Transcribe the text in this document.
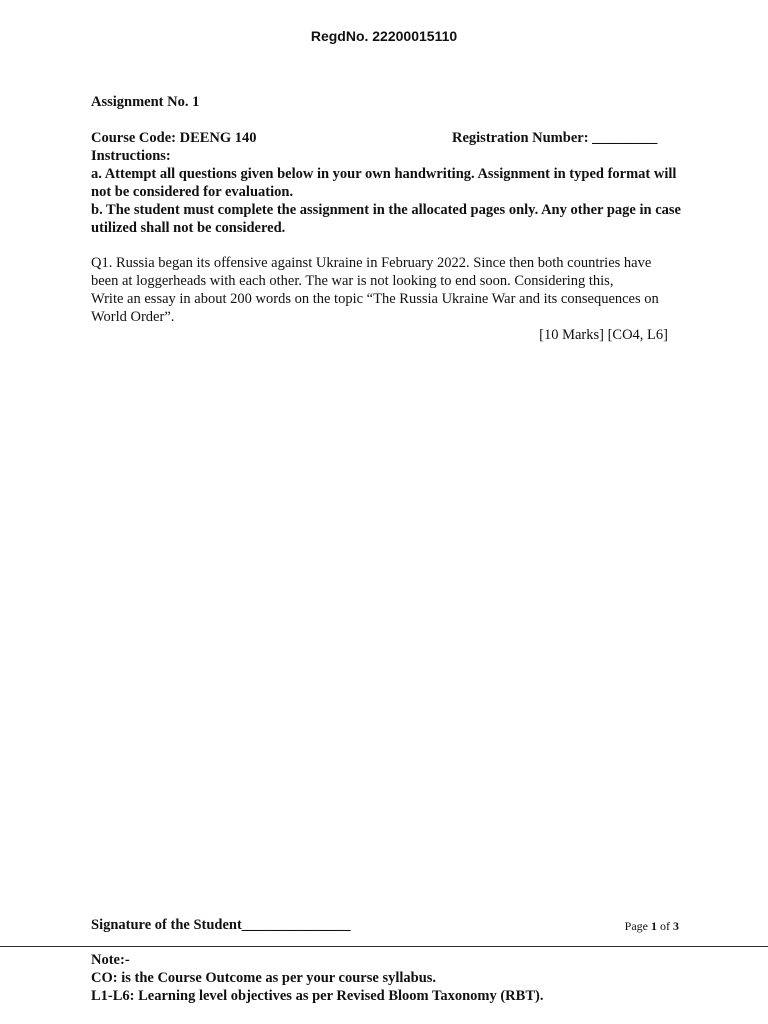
RegdNo. 22200015110
Assignment No. 1
Course Code: DEENG 140	Registration Number: _________
Instructions:
a. Attempt all questions given below in your own handwriting. Assignment in typed format will not be considered for evaluation.
b. The student must complete the assignment in the allocated pages only. Any other page in case utilized shall not be considered.
Q1. Russia began its offensive against Ukraine in February 2022. Since then both countries have been at loggerheads with each other. The war is not looking to end soon. Considering this,
Write an essay in about 200 words on the topic “The Russia Ukraine War and its consequences on World Order”.
[10 Marks] [CO4, L6]
Signature of the Student_______________	Page 1 of 3
Note:-
CO: is the Course Outcome as per your course syllabus.
L1-L6: Learning level objectives as per Revised Bloom Taxonomy (RBT).
